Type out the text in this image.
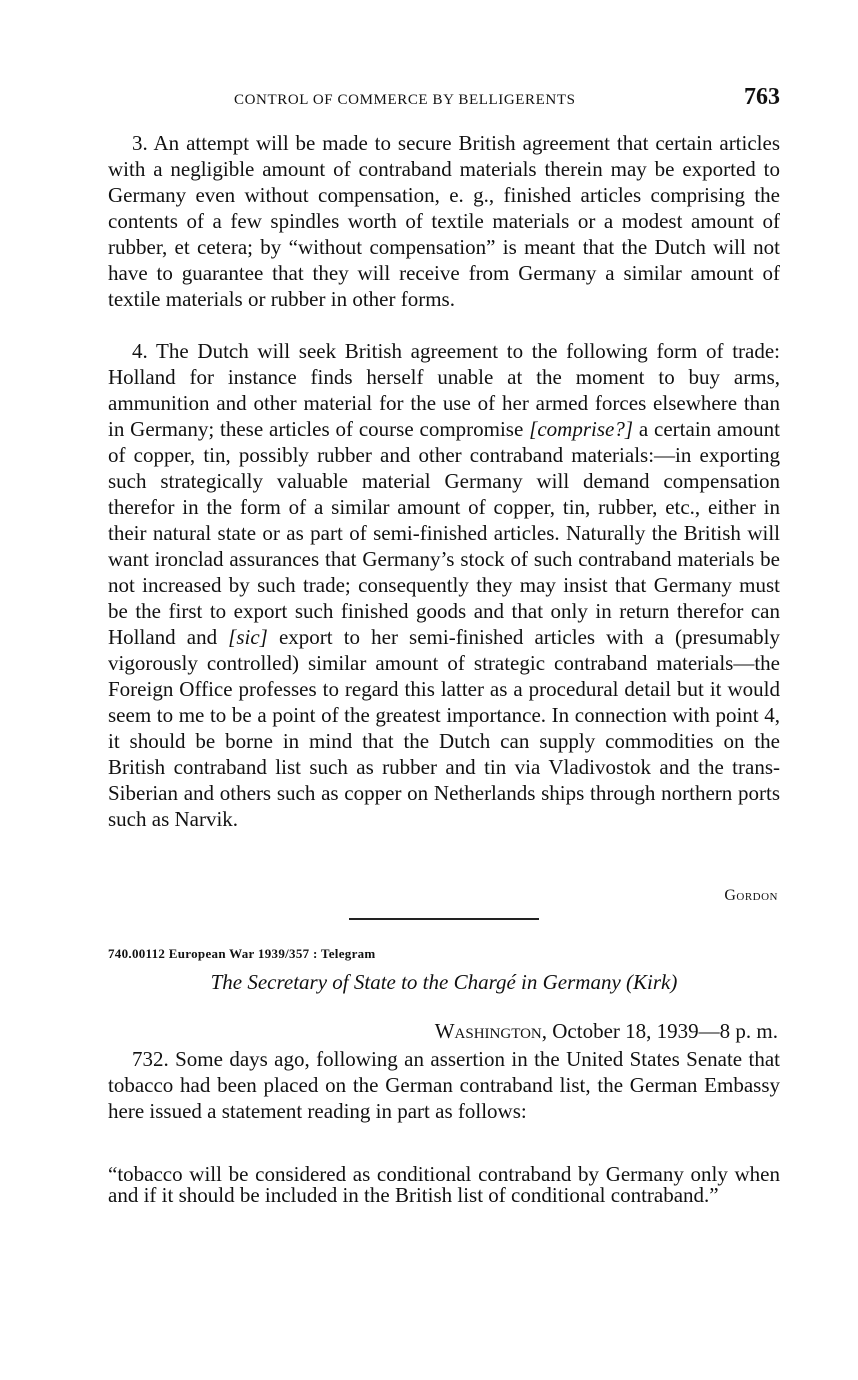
CONTROL OF COMMERCE BY BELLIGERENTS	763

3. An attempt will be made to secure British agreement that certain articles with a negligible amount of contraband materials therein may be exported to Germany even without compensation, e. g., finished articles comprising the contents of a few spindles worth of textile materials or a modest amount of rubber, et cetera; by “without compensation” is meant that the Dutch will not have to guarantee that they will receive from Germany a similar amount of textile materials or rubber in other forms.

4. The Dutch will seek British agreement to the following form of trade: Holland for instance finds herself unable at the moment to buy arms, ammunition and other material for the use of her armed forces elsewhere than in Germany; these articles of course compromise [comprise?] a certain amount of copper, tin, possibly rubber and other contraband materials:—in exporting such strategically valuable material Germany will demand compensation therefor in the form of a similar amount of copper, tin, rubber, etc., either in their natural state or as part of semi-finished articles. Naturally the British will want ironclad assurances that Germany’s stock of such contraband materials be not increased by such trade; consequently they may insist that Germany must be the first to export such finished goods and that only in return therefor can Holland and [sic] export to her semi-finished articles with a (presumably vigorously controlled) similar amount of strategic contraband materials—the Foreign Office professes to regard this latter as a procedural detail but it would seem to me to be a point of the greatest importance. In connection with point 4, it should be borne in mind that the Dutch can supply commodities on the British contraband list such as rubber and tin via Vladivostok and the trans-Siberian and others such as copper on Netherlands ships through northern ports such as Narvik.

Gordon
740.00112 European War 1939/357 : Telegram
The Secretary of State to the Chargé in Germany (Kirk)
Washington, October 18, 1939—8 p. m.

732. Some days ago, following an assertion in the United States Senate that tobacco had been placed on the German contraband list, the German Embassy here issued a statement reading in part as follows:

“tobacco will be considered as conditional contraband by Germany only when and if it should be included in the British list of conditional contraband.”
